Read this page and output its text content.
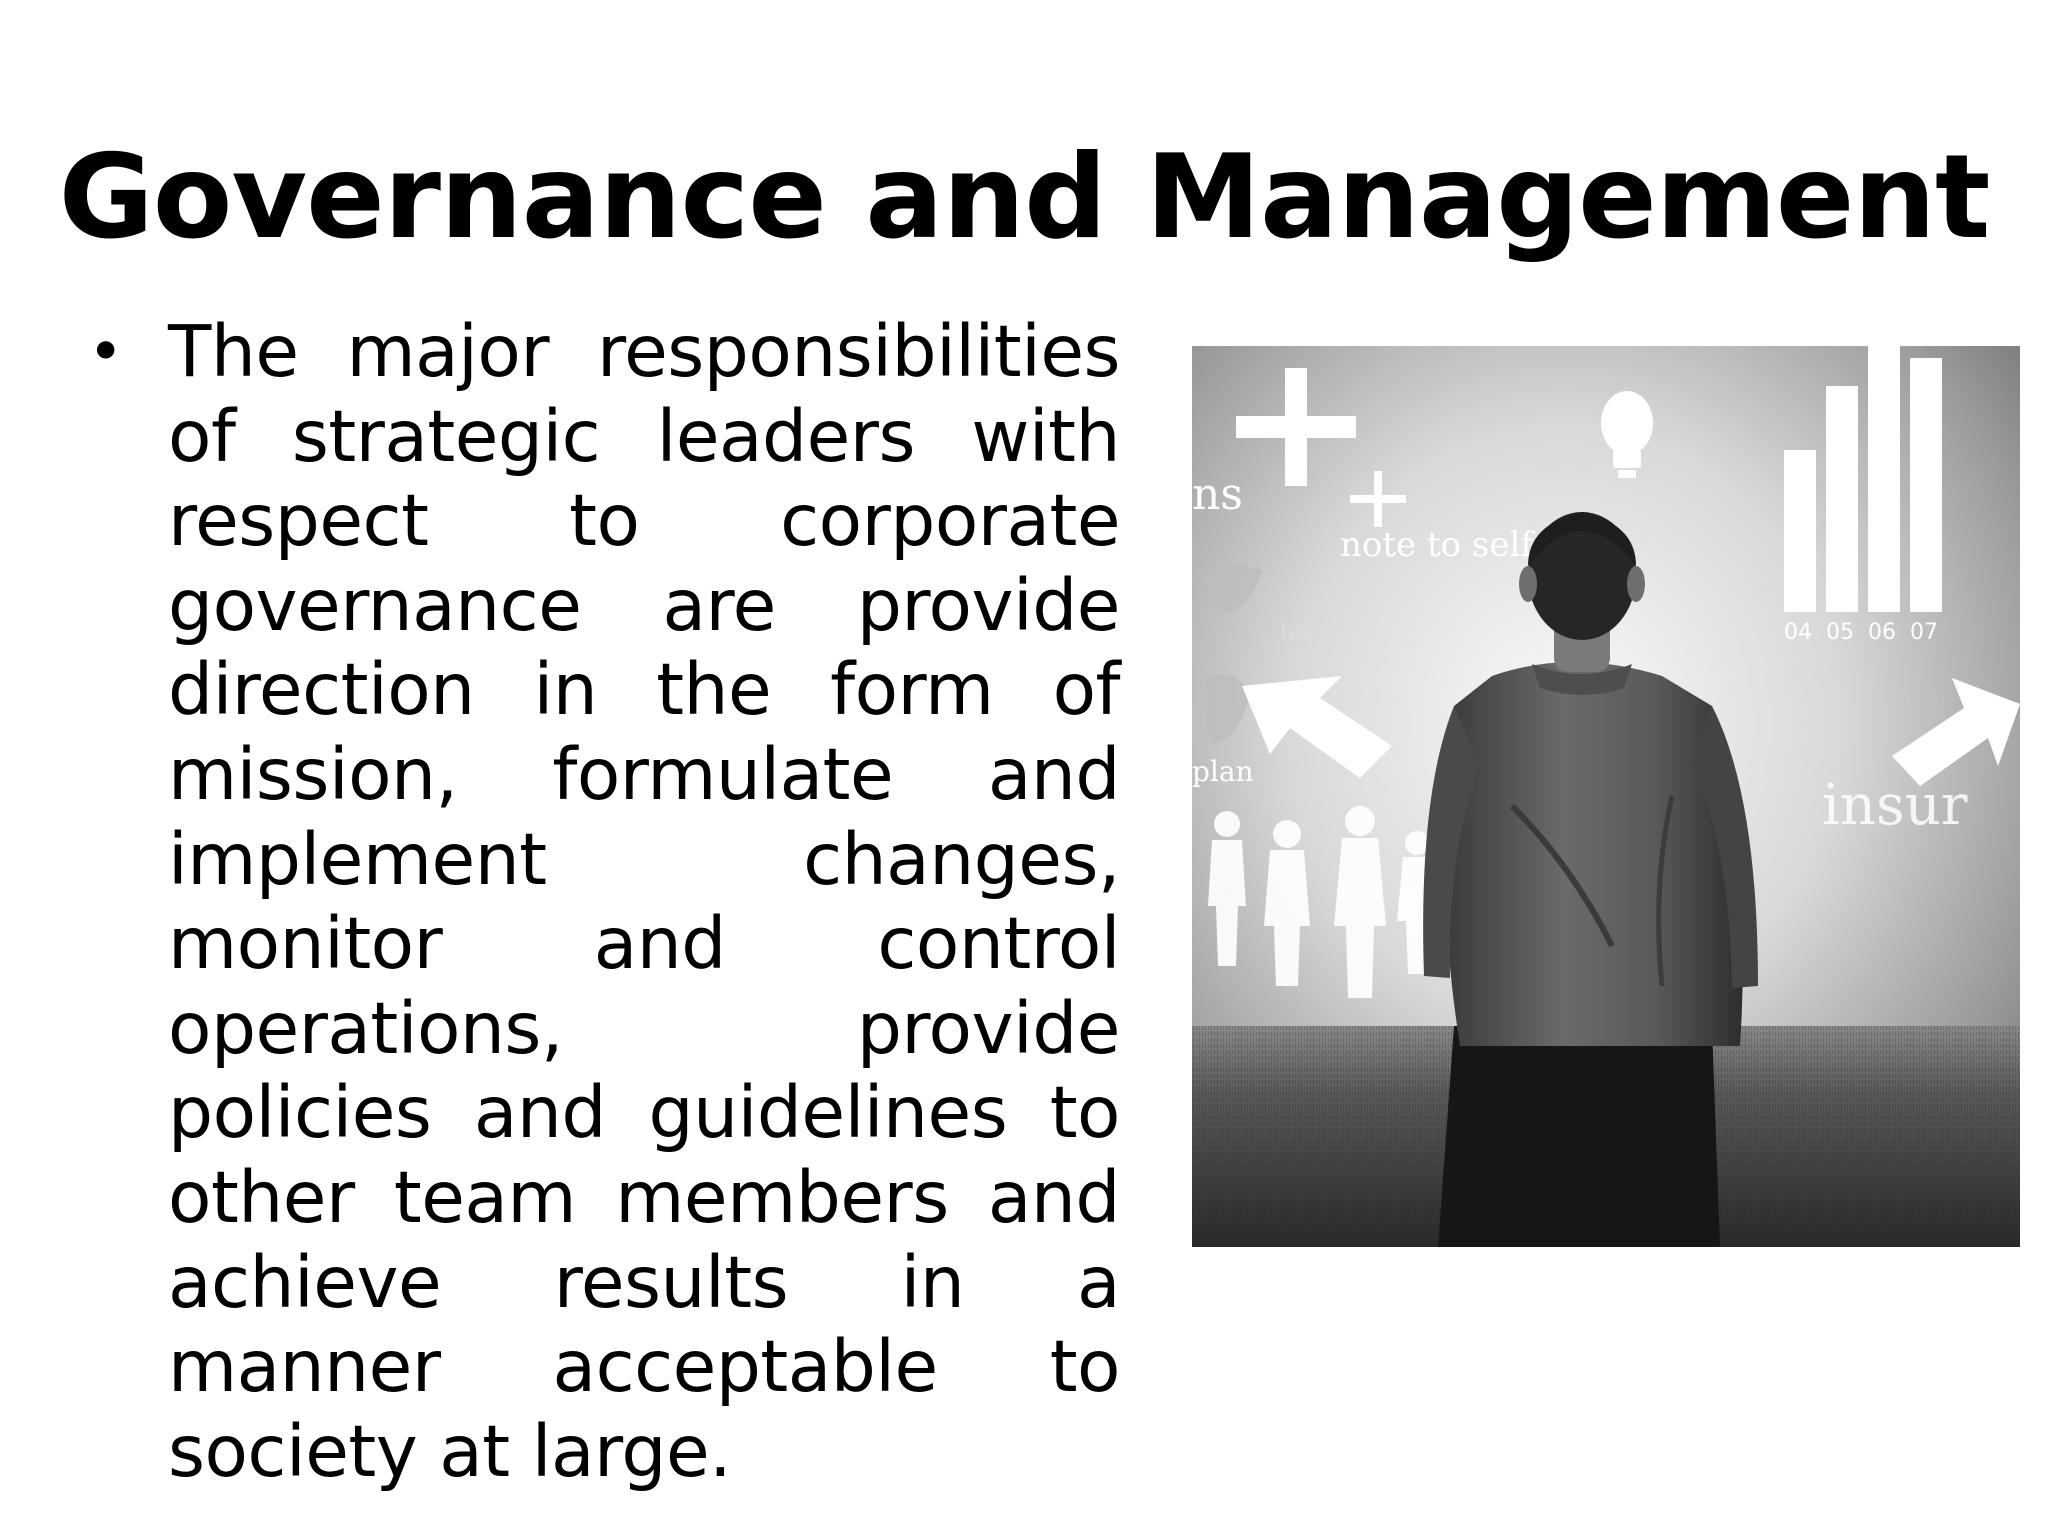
Governance and Management
• The major responsibilities of strategic leaders with respect to corporate governance are provide direction in the form of mission, formulate and implement changes, monitor and control operations, provide policies and guidelines to other team members and achieve results in a manner acceptable to society at large.
ns
note to self
tax
plan
insur
04 05 06 07
